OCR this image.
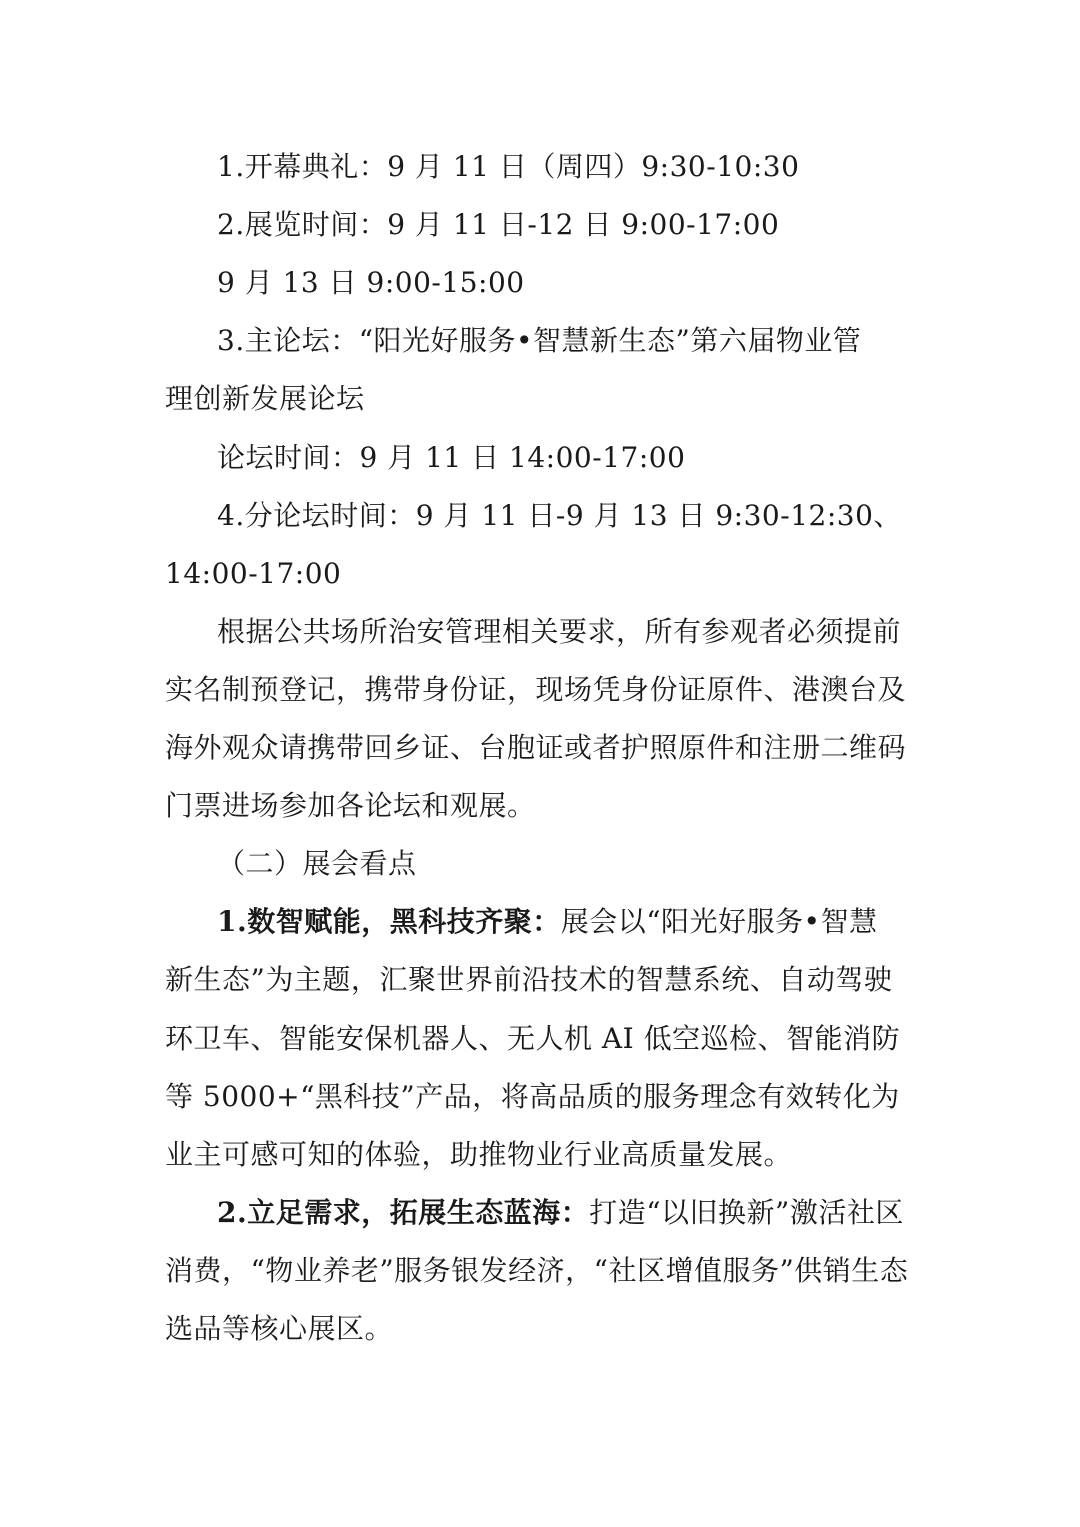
1.开幕典礼：9 月 11 日（周四）9:30-10:30
2.展览时间：9 月 11 日-12 日 9:00-17:00
9 月 13 日 9:00-15:00
3.主论坛：“阳光好服务•智慧新生态”第六届物业管
理创新发展论坛
论坛时间：9 月 11 日 14:00-17:00
4.分论坛时间：9 月 11 日-9 月 13 日 9:30-12:30、
14:00-17:00
根据公共场所治安管理相关要求，所有参观者必须提前
实名制预登记，携带身份证，现场凭身份证原件、港澳台及
海外观众请携带回乡证、台胞证或者护照原件和注册二维码
门票进场参加各论坛和观展。
（二）展会看点
1.数智赋能，黑科技齐聚：展会以“阳光好服务•智慧
新生态”为主题，汇聚世界前沿技术的智慧系统、自动驾驶
环卫车、智能安保机器人、无人机 AI 低空巡检、智能消防
等 5000+“黑科技”产品，将高品质的服务理念有效转化为
业主可感可知的体验，助推物业行业高质量发展。
2.立足需求，拓展生态蓝海：打造“以旧换新”激活社区
消费，“物业养老”服务银发经济，“社区增值服务”供销生态
选品等核心展区。
